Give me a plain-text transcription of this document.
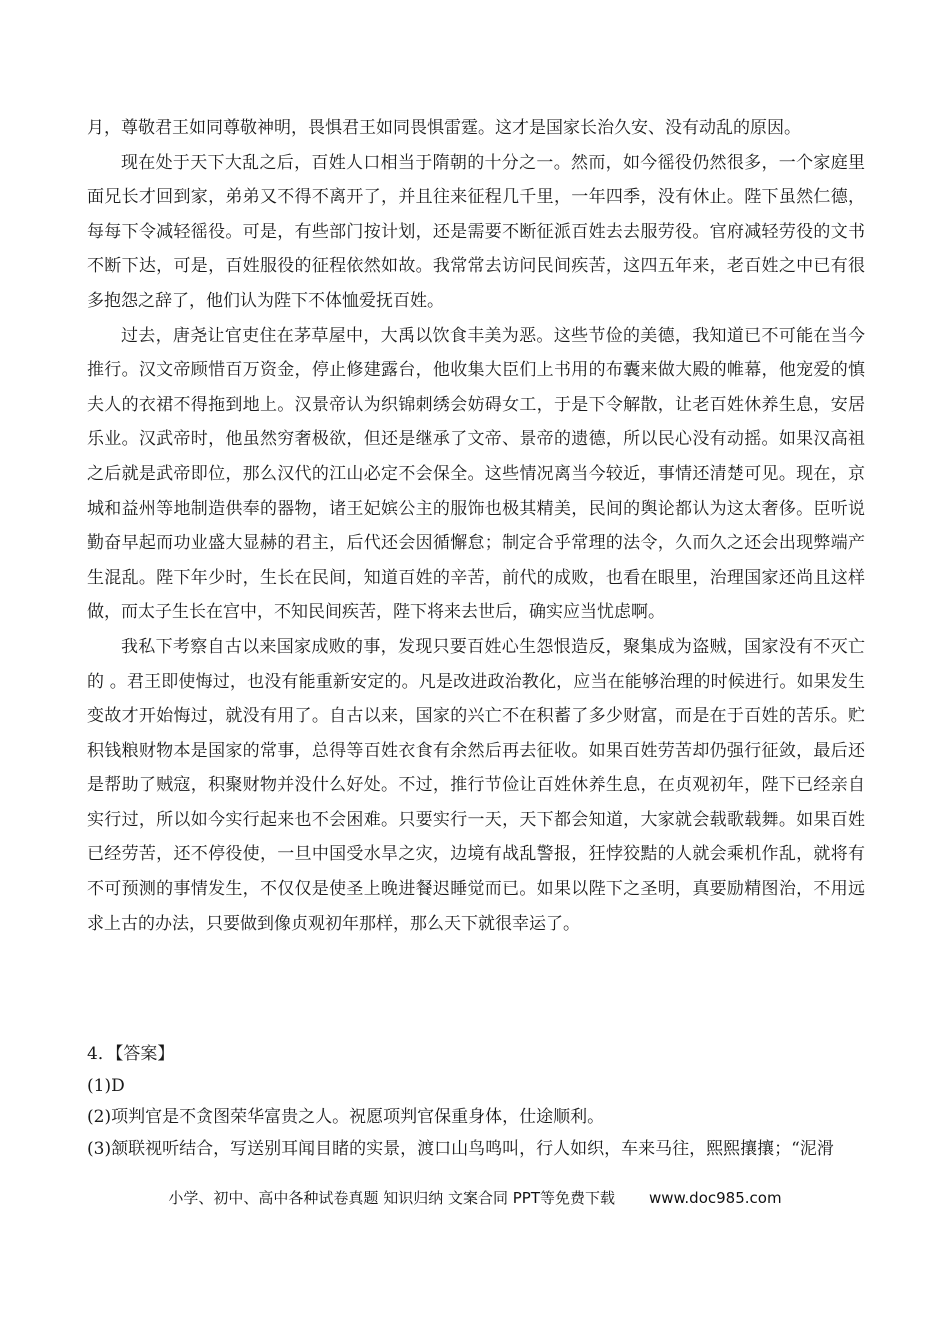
月，尊敬君王如同尊敬神明，畏惧君王如同畏惧雷霆。这才是国家长治久安、没有动乱的原因。

现在处于天下大乱之后，百姓人口相当于隋朝的十分之一。然而，如今徭役仍然很多，一个家庭里面兄长才回到家，弟弟又不得不离开了，并且往来征程几千里，一年四季，没有休止。陛下虽然仁德，每每下令减轻徭役。可是，有些部门按计划，还是需要不断征派百姓去去服劳役。官府减轻劳役的文书不断下达，可是，百姓服役的征程依然如故。我常常去访问民间疾苦，这四五年来，老百姓之中已有很多抱怨之辞了，他们认为陛下不体恤爱抚百姓。

过去，唐尧让官吏住在茅草屋中，大禹以饮食丰美为恶。这些节俭的美德，我知道已不可能在当今推行。汉文帝顾惜百万资金，停止修建露台，他收集大臣们上书用的布囊来做大殿的帷幕，他宠爱的慎夫人的衣裙不得拖到地上。汉景帝认为织锦刺绣会妨碍女工，于是下令解散，让老百姓休养生息，安居乐业。汉武帝时，他虽然穷奢极欲，但还是继承了文帝、景帝的遗德，所以民心没有动摇。如果汉高祖之后就是武帝即位，那么汉代的江山必定不会保全。这些情况离当今较近，事情还清楚可见。现在，京城和益州等地制造供奉的器物，诸王妃嫔公主的服饰也极其精美，民间的舆论都认为这太奢侈。臣听说勤奋早起而功业盛大显赫的君主，后代还会因循懈怠；制定合乎常理的法令，久而久之还会出现弊端产生混乱。陛下年少时，生长在民间，知道百姓的辛苦，前代的成败，也看在眼里，治理国家还尚且这样做，而太子生长在宫中，不知民间疾苦，陛下将来去世后，确实应当忧虑啊。

我私下考察自古以来国家成败的事，发现只要百姓心生怨恨造反，聚集成为盗贼，国家没有不灭亡的 。君王即使悔过，也没有能重新安定的。凡是改进政治教化，应当在能够治理的时候进行。如果发生变故才开始悔过，就没有用了。自古以来，国家的兴亡不在积蓄了多少财富，而是在于百姓的苦乐。贮积钱粮财物本是国家的常事，总得等百姓衣食有余然后再去征收。如果百姓劳苦却仍强行征敛，最后还是帮助了贼寇，积聚财物并没什么好处。不过，推行节俭让百姓休养生息，在贞观初年，陛下已经亲自实行过，所以如今实行起来也不会困难。只要实行一天，天下都会知道，大家就会载歌载舞。如果百姓已经劳苦，还不停役使，一旦中国受水旱之灾，边境有战乱警报，狂悖狡黠的人就会乘机作乱，就将有不可预测的事情发生，不仅仅是使圣上晚进餐迟睡觉而已。如果以陛下之圣明，真要励精图治，不用远求上古的办法，只要做到像贞观初年那样，那么天下就很幸运了。

4．【答案】

(1)D

(2)项判官是不贪图荣华富贵之人。祝愿项判官保重身体，仕途顺利。

(3)颔联视听结合，写送别耳闻目睹的实景，渡口山鸟鸣叫，行人如织，车来马往，熙熙攘攘；“泥滑

小学、初中、高中各种试卷真题 知识归纳 文案合同 PPT等免费下载 www.doc985.com
